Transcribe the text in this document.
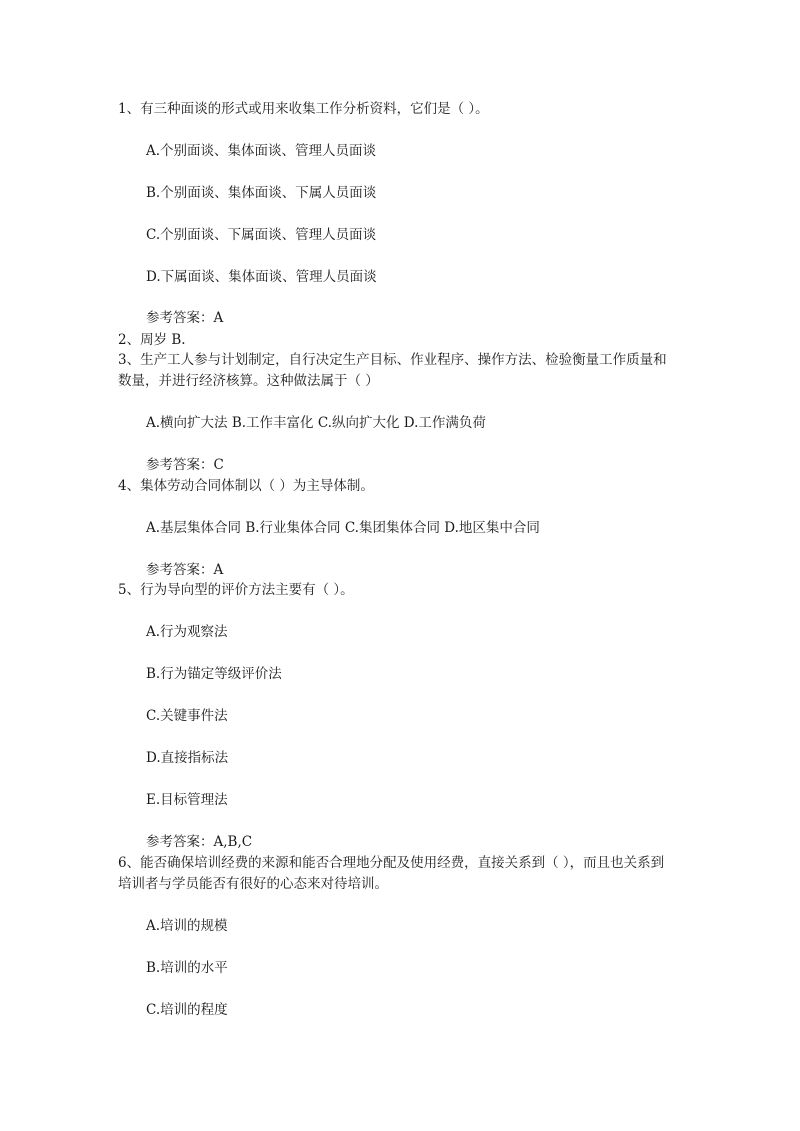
1、有三种面谈的形式或用来收集工作分析资料，它们是（ ）。
A.个别面谈、集体面谈、管理人员面谈
B.个别面谈、集体面谈、下属人员面谈
C.个别面谈、下属面谈、管理人员面谈
D.下属面谈、集体面谈、管理人员面谈
参考答案：A
2、周岁 B.
3、生产工人参与计划制定，自行决定生产目标、作业程序、操作方法、检验衡量工作质量和
数量，并进行经济核算。这种做法属于（ ）
A.横向扩大法 B.工作丰富化 C.纵向扩大化 D.工作满负荷
参考答案：C
4、集体劳动合同体制以（ ）为主导体制。
A.基层集体合同 B.行业集体合同 C.集团集体合同 D.地区集中合同
参考答案：A
5、行为导向型的评价方法主要有（ ）。
A.行为观察法
B.行为锚定等级评价法
C.关键事件法
D.直接指标法
E.目标管理法
参考答案：A,B,C
6、能否确保培训经费的来源和能否合理地分配及使用经费，直接关系到（ ），而且也关系到
培训者与学员能否有很好的心态来对待培训。
A.培训的规模
B.培训的水平
C.培训的程度
